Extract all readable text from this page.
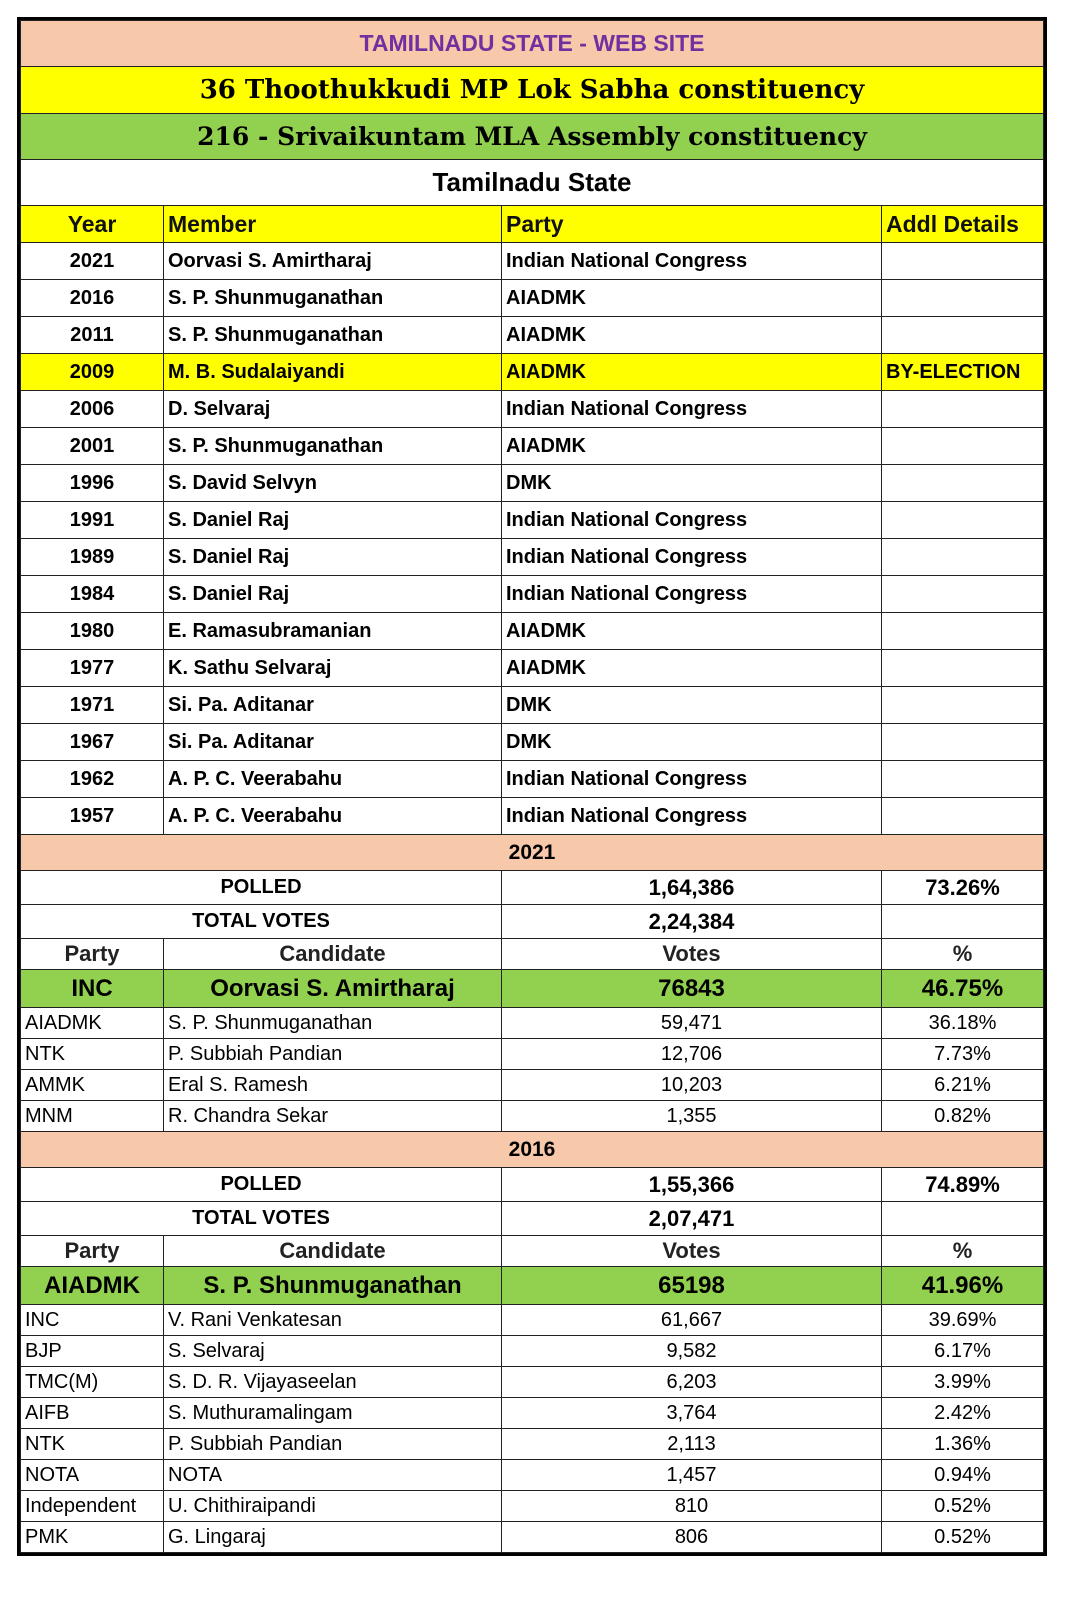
TAMILNADU STATE - WEB SITE			
36 Thoothukkudi MP Lok Sabha constituency			
216 - Srivaikuntam MLA Assembly constituency			
Tamilnadu State			
Year	Member	Party	Addl Details
2021	Oorvasi S. Amirtharaj	Indian National Congress	
2016	S. P. Shunmuganathan	AIADMK	
2011	S. P. Shunmuganathan	AIADMK	
2009	M. B. Sudalaiyandi	AIADMK	BY-ELECTION
2006	D. Selvaraj	Indian National Congress	
2001	S. P. Shunmuganathan	AIADMK	
1996	S. David Selvyn	DMK	
1991	S. Daniel Raj	Indian National Congress	
1989	S. Daniel Raj	Indian National Congress	
1984	S. Daniel Raj	Indian National Congress	
1980	E. Ramasubramanian	AIADMK	
1977	K. Sathu Selvaraj	AIADMK	
1971	Si. Pa. Aditanar	DMK	
1967	Si. Pa. Aditanar	DMK	
1962	A. P. C. Veerabahu	Indian National Congress	
1957	A. P. C. Veerabahu	Indian National Congress	
2021			
POLLED		1,64,386	73.26%
TOTAL VOTES		2,24,384	
Party	Candidate	Votes	%
INC	Oorvasi S. Amirtharaj	76843	46.75%
AIADMK	S. P. Shunmuganathan	59,471	36.18%
NTK	P. Subbiah Pandian	12,706	7.73%
AMMK	Eral S. Ramesh	10,203	6.21%
MNM	R. Chandra Sekar	1,355	0.82%
2016			
POLLED		1,55,366	74.89%
TOTAL VOTES		2,07,471	
Party	Candidate	Votes	%
AIADMK	S. P. Shunmuganathan	65198	41.96%
INC	V. Rani Venkatesan	61,667	39.69%
BJP	S. Selvaraj	9,582	6.17%
TMC(M)	S. D. R. Vijayaseelan	6,203	3.99%
AIFB	S. Muthuramalingam	3,764	2.42%
NTK	P. Subbiah Pandian	2,113	1.36%
NOTA	NOTA	1,457	0.94%
Independent	U. Chithiraipandi	810	0.52%
PMK	G. Lingaraj	806	0.52%
